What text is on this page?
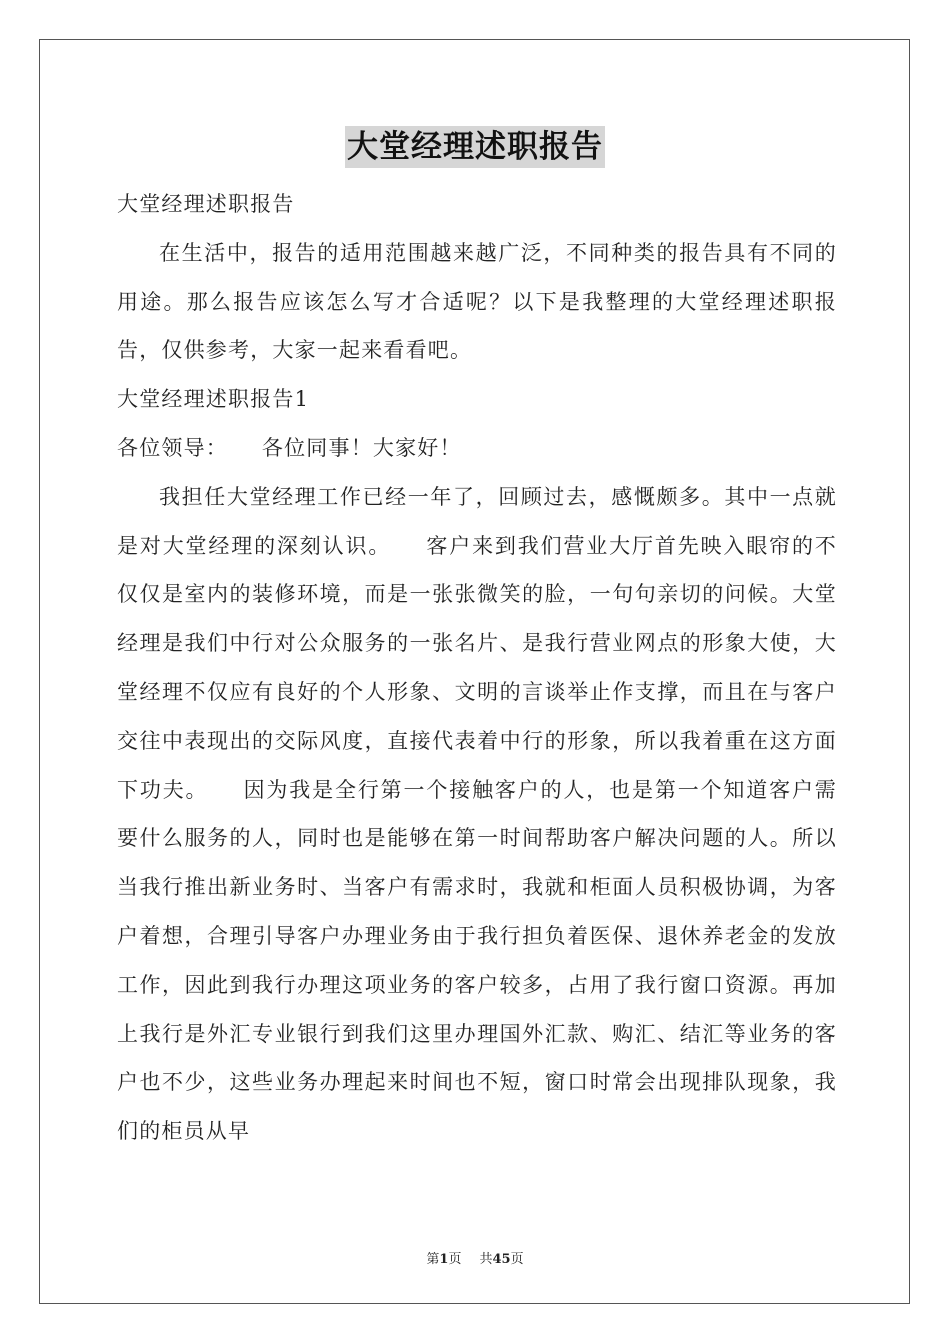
大堂经理述职报告

大堂经理述职报告

在生活中，报告的适用范围越来越广泛，不同种类的报告具有不同的用途。那么报告应该怎么写才合适呢？以下是我整理的大堂经理述职报告，仅供参考，大家一起来看看吧。

大堂经理述职报告1

各位领导：　　各位同事！大家好！

我担任大堂经理工作已经一年了，回顾过去，感慨颇多。其中一点就是对大堂经理的深刻认识。　　客户来到我们营业大厅首先映入眼帘的不仅仅是室内的装修环境，而是一张张微笑的脸，一句句亲切的问候。大堂经理是我们中行对公众服务的一张名片、是我行营业网点的形象大使，大堂经理不仅应有良好的个人形象、文明的言谈举止作支撑，而且在与客户交往中表现出的交际风度，直接代表着中行的形象，所以我着重在这方面下功夫。　　因为我是全行第一个接触客户的人，也是第一个知道客户需要什么服务的人，同时也是能够在第一时间帮助客户解决问题的人。所以当我行推出新业务时、当客户有需求时，我就和柜面人员积极协调，为客户着想，合理引导客户办理业务由于我行担负着医保、退休养老金的发放工作，因此到我行办理这项业务的客户较多，占用了我行窗口资源。再加上我行是外汇专业银行到我们这里办理国外汇款、购汇、结汇等业务的客户也不少，这些业务办理起来时间也不短，窗口时常会出现排队现象，我们的柜员从早

第1页 共45页
